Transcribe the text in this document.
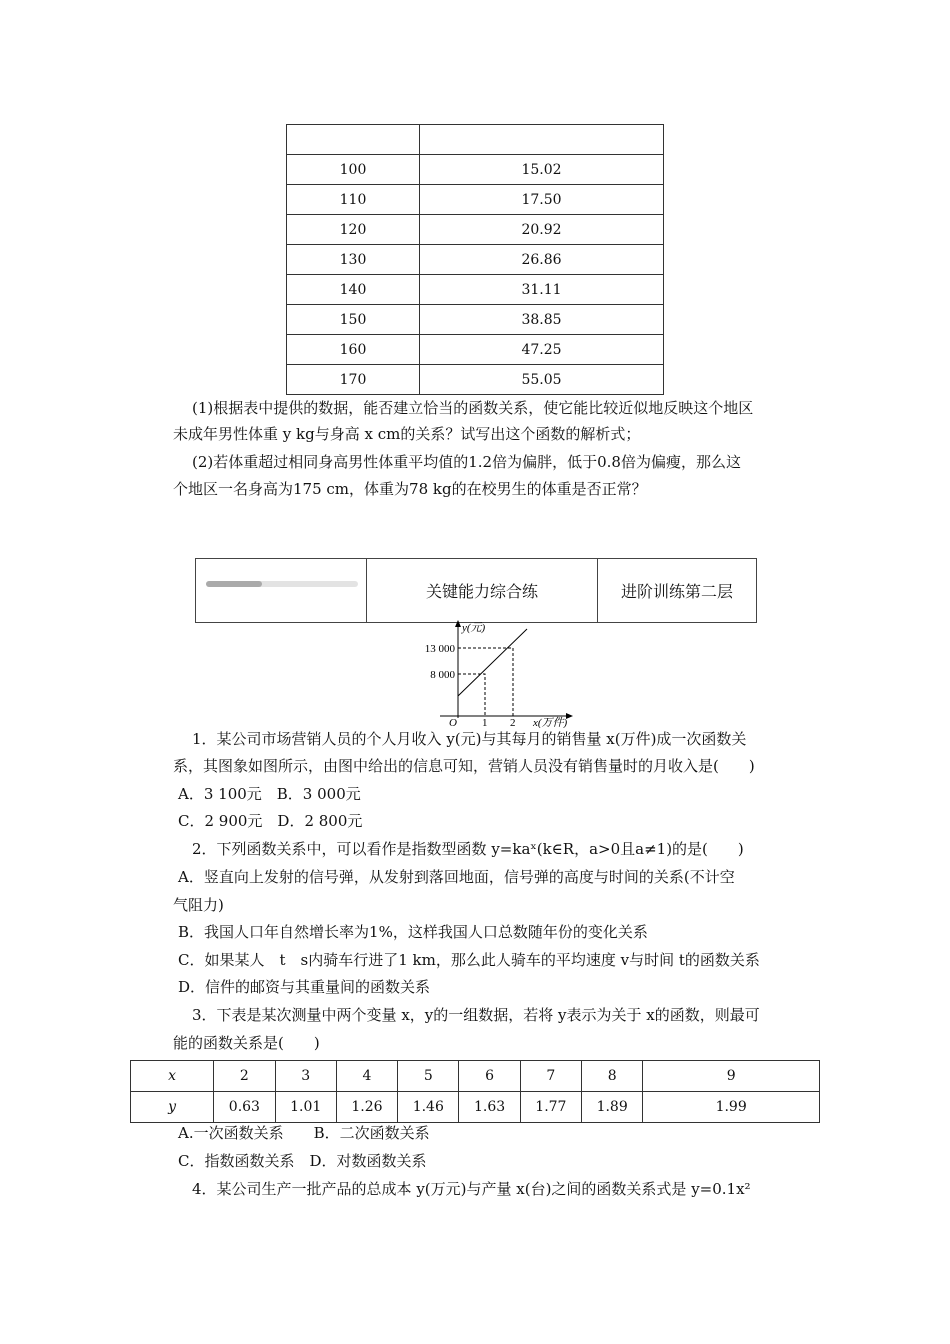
100	15.02
110	17.50
120	20.92
130	26.86
140	31.11
150	38.85
160	47.25
170	55.05
(1)根据表中提供的数据，能否建立恰当的函数关系，使它能比较近似地反映这个地区
未成年男性体重 y kg与身高 x cm的关系？试写出这个函数的解析式；
(2)若体重超过相同身高男性体重平均值的1.2倍为偏胖，低于0.8倍为偏瘦，那么这
个地区一名身高为175 cm，体重为78 kg的在校男生的体重是否正常？
关键能力综合练	进阶训练第二层
y(元)
13 000
8 000
O 1 2 x(万件)
1．某公司市场营销人员的个人月收入 y(元)与其每月的销售量 x(万件)成一次函数关
系，其图象如图所示，由图中给出的信息可知，营销人员没有销售量时的月收入是(　　)
A．3 100元　B．3 000元
C．2 900元　D．2 800元
2．下列函数关系中，可以看作是指数型函数 y=kaˣ(k∈R，a>0且a≠1)的是(　　)
A．竖直向上发射的信号弹，从发射到落回地面，信号弹的高度与时间的关系(不计空
气阻力)
B．我国人口年自然增长率为1%，这样我国人口总数随年份的变化关系
C．如果某人　t　s内骑车行进了1 km，那么此人骑车的平均速度 v与时间 t的函数关系
D．信件的邮资与其重量间的函数关系
3．下表是某次测量中两个变量 x，y的一组数据，若将 y表示为关于 x的函数，则最可
能的函数关系是(　　)
x	2	3	4	5	6	7	8	9
y	0.63	1.01	1.26	1.46	1.63	1.77	1.89	1.99
A.一次函数关系　　B．二次函数关系
C．指数函数关系　D．对数函数关系
4．某公司生产一批产品的总成本 y(万元)与产量 x(台)之间的函数关系式是 y=0.1x²
